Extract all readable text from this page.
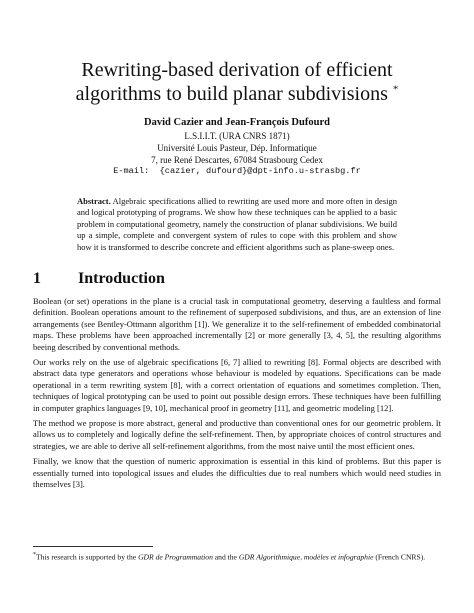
Rewriting-based derivation of efficient
algorithms to build planar subdivisions *
David Cazier and Jean-François Dufourd
L.S.I.I.T. (URA CNRS 1871)
Université Louis Pasteur, Dép. Informatique
7, rue René Descartes, 67084 Strasbourg Cedex
E-mail: {cazier, dufourd}@dpt-info.u-strasbg.fr
Abstract. Algebraic specifications allied to rewriting are used more and more often in design and logical prototyping of programs. We show how these techniques can be applied to a basic problem in computational geometry, namely the construction of planar subdivisions. We build up a simple, complete and convergent system of rules to cope with this problem and show how it is transformed to describe concrete and efficient algorithms such as plane-sweep ones.
1 Introduction

Boolean (or set) operations in the plane is a crucial task in computational geometry, deserving a faultless and formal definition. Boolean operations amount to the refinement of superposed subdivisions, and thus, are an extension of line arrangements (see Bentley-Ottmann algorithm [1]). We generalize it to the self-refinement of embedded combinatorial maps. These problems have been approached incrementally [2] or more generally [3, 4, 5], the resulting algorithms beeing described by conventional methods.

Our works rely on the use of algebraic specifications [6, 7] allied to rewriting [8]. Formal objects are described with abstract data type generators and operations whose behaviour is modeled by equations. Specifications can be made operational in a term rewriting system [8], with a correct orientation of equations and sometimes completion. Then, techniques of logical prototyping can be used to point out possible design errors. These techniques have been fulfilling in computer graphics languages [9, 10], mechanical proof in geometry [11], and geometric modeling [12].

The method we propose is more abstract, general and productive than conventional ones for our geometric problem. It allows us to completely and logically define the self-refinement. Then, by appropriate choices of control structures and strategies, we are able to derive all self-refinement algorithms, from the most naive until the most efficient ones.

Finally, we know that the question of numeric approximation is essential in this kind of problems. But this paper is essentially turned into topological issues and eludes the difficulties due to real numbers which would need studies in themselves [3].

*This research is supported by the GDR de Programmation and the GDR Algorithmique, modèles et infographie (French CNRS).
